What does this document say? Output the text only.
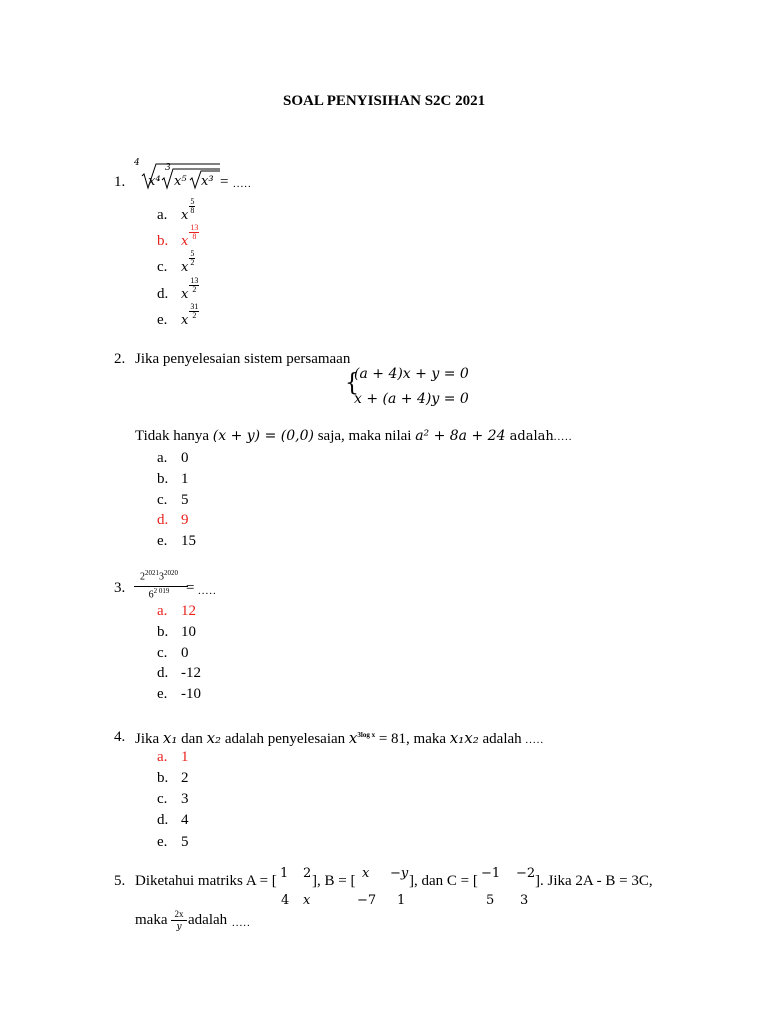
SOAL PENYISIHAN S2C 2021
1.
4
x⁴
3
x⁵ x³ = .....
a. x
$\frac{5}{8}$
b. x
$\frac{13}{8}$
c. x
$\frac{5}{2}$
d. x
$\frac{13}{2}$
e. x
$\frac{31}{2}$
2. Jika penyelesaian sistem persamaan
{
(a + 4)x + y = 0
x + (a + 4)y = 0
Tidak hanya (x + y) = (0,0) saja, maka nilai a² + 8a + 24 adalah.....
a. 0
b. 1
c. 5
d. 9
e. 15
3.
$2^{2021}3^{2020}$
$6^{2 019}$	= .....
a. 12
b. 10
c. 0
d. -12
e. -10
4. Jika x₁ dan x₂ adalah penyelesaian $x^{3log x} = 81$, maka x₁x₂ adalah .....
a. 1
b. 2
c. 3
d. 4
e. 5
5. Diketahui matriks A = [ 1 2
4 x
], B = [ x −y
−7 1
], dan C = [ −1 −2
5 3
]. Jika 2A - B = 3C,
maka 2x
y adalah .....
